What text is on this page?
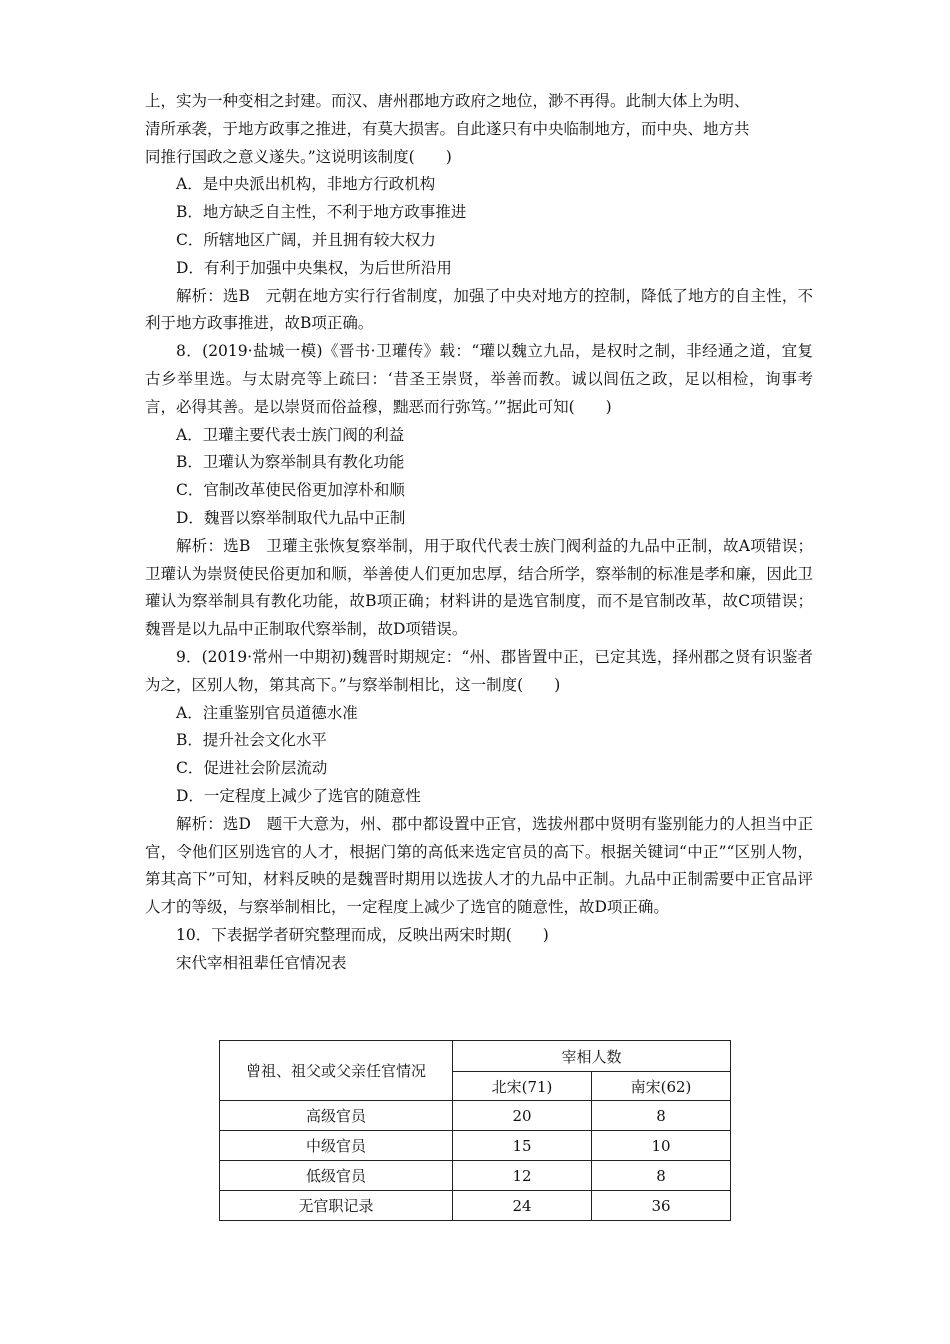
上，实为一种变相之封建。而汉、唐州郡地方政府之地位，渺不再得。此制大体上为明、

清所承袭，于地方政事之推进，有莫大损害。自此遂只有中央临制地方，而中央、地方共

同推行国政之意义遂失。”这说明该制度(　　)

A．是中央派出机构，非地方行政机构

B．地方缺乏自主性，不利于地方政事推进

C．所辖地区广阔，并且拥有较大权力

D．有利于加强中央集权，为后世所沿用

解析：选B　元朝在地方实行行省制度，加强了中央对地方的控制，降低了地方的自主性，不利于地方政事推进，故B项正确。

8．(2019·盐城一模)《晋书·卫瓘传》载：“瓘以魏立九品，是权时之制，非经通之道，宜复古乡举里选。与太尉亮等上疏曰：‘昔圣王崇贤，举善而教。诚以闾伍之政，足以相检，询事考言，必得其善。是以崇贤而俗益穆，黜恶而行弥笃。’”据此可知(　　)

A．卫瓘主要代表士族门阀的利益

B．卫瓘认为察举制具有教化功能

C．官制改革使民俗更加淳朴和顺

D．魏晋以察举制取代九品中正制

解析：选B　卫瓘主张恢复察举制，用于取代代表士族门阀利益的九品中正制，故A项错误；卫瓘认为崇贤使民俗更加和顺，举善使人们更加忠厚，结合所学，察举制的标准是孝和廉，因此卫瓘认为察举制具有教化功能，故B项正确；材料讲的是选官制度，而不是官制改革，故C项错误；魏晋是以九品中正制取代察举制，故D项错误。

9．(2019·常州一中期初)魏晋时期规定：“州、郡皆置中正，已定其选，择州郡之贤有识鉴者为之，区别人物，第其高下。”与察举制相比，这一制度(　　)

A．注重鉴别官员道德水准

B．提升社会文化水平

C．促进社会阶层流动

D．一定程度上减少了选官的随意性

解析：选D　题干大意为，州、郡中都设置中正官，选拔州郡中贤明有鉴别能力的人担当中正官，令他们区别选官的人才，根据门第的高低来选定官员的高下。根据关键词“中正”“区别人物，第其高下”可知，材料反映的是魏晋时期用以选拔人才的九品中正制。九品中正制需要中正官品评人才的等级，与察举制相比，一定程度上减少了选官的随意性，故D项正确。

10．下表据学者研究整理而成，反映出两宋时期(　　)

宋代宰相祖辈任官情况表

曾祖、祖父或父亲任官情况	宰相人数	
	北宋(71)	南宋(62)
高级官员	20	8
中级官员	15	10
低级官员	12	8
无官职记录	24	36
